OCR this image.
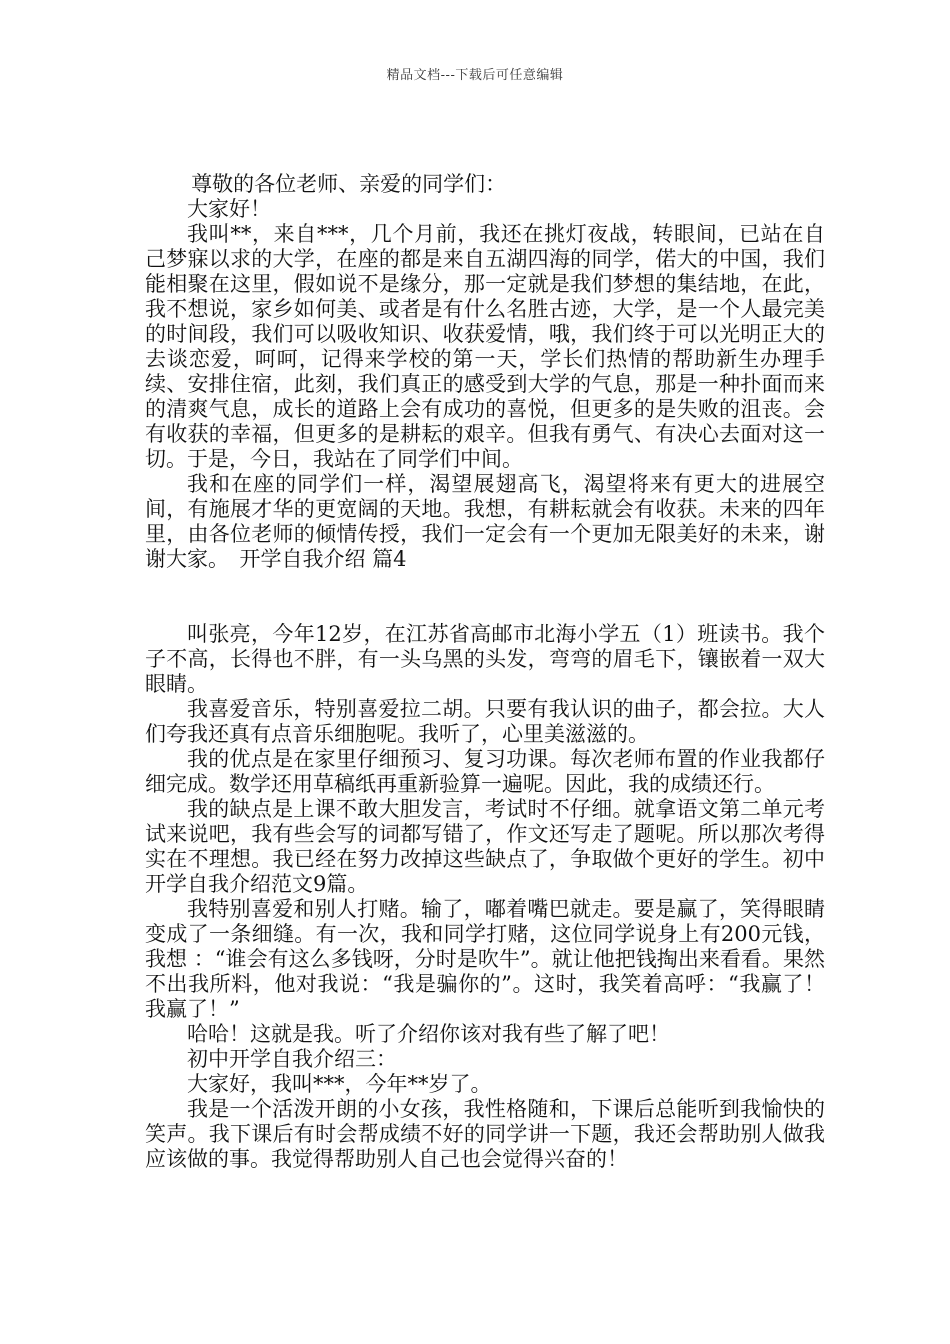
精品文档---下载后可任意编辑

尊敬的各位老师、亲爱的同学们：

大家好！

我叫**，来自***，几个月前，我还在挑灯夜战，转眼间，已站在自己梦寐以求的大学，在座的都是来自五湖四海的同学，偌大的中国，我们能相聚在这里，假如说不是缘分，那一定就是我们梦想的集结地，在此，我不想说，家乡如何美、或者是有什么名胜古迹，大学，是一个人最完美的时间段，我们可以吸收知识、收获爱情，哦，我们终于可以光明正大的去谈恋爱，呵呵，记得来学校的第一天，学长们热情的帮助新生办理手续、安排住宿，此刻，我们真正的感受到大学的气息，那是一种扑面而来的清爽气息，成长的道路上会有成功的喜悦，但更多的是失败的沮丧。会有收获的幸福，但更多的是耕耘的艰辛。但我有勇气、有决心去面对这一切。于是，今日，我站在了同学们中间。

我和在座的同学们一样，渴望展翅高飞，渴望将来有更大的进展空间，有施展才华的更宽阔的天地。我想，有耕耘就会有收获。未来的四年里，由各位老师的倾情传授，我们一定会有一个更加无限美好的未来，谢谢大家。 开学自我介绍 篇4

叫张亮，今年12岁，在江苏省高邮市北海小学五（1）班读书。我个子不高，长得也不胖，有一头乌黑的头发，弯弯的眉毛下，镶嵌着一双大眼睛。

我喜爱音乐，特别喜爱拉二胡。只要有我认识的曲子，都会拉。大人们夸我还真有点音乐细胞呢。我听了，心里美滋滋的。

我的优点是在家里仔细预习、复习功课。每次老师布置的作业我都仔细完成。数学还用草稿纸再重新验算一遍呢。因此，我的成绩还行。

我的缺点是上课不敢大胆发言，考试时不仔细。就拿语文第二单元考试来说吧，我有些会写的词都写错了，作文还写走了题呢。所以那次考得实在不理想。我已经在努力改掉这些缺点了，争取做个更好的学生。初中开学自我介绍范文9篇。

我特别喜爱和别人打赌。输了，嘟着嘴巴就走。要是赢了，笑得眼睛变成了一条细缝。有一次，我和同学打赌，这位同学说身上有200元钱，我想 ：“谁会有这么多钱呀，分时是吹牛”。就让他把钱掏出来看看。果然不出我所料，他对我说：“我是骗你的”。这时，我笑着高呼：“我赢了！我赢了！”

哈哈！这就是我。听了介绍你该对我有些了解了吧！

初中开学自我介绍三：

大家好，我叫***，今年**岁了。

我是一个活泼开朗的小女孩，我性格随和，下课后总能听到我愉快的笑声。我下课后有时会帮成绩不好的同学讲一下题，我还会帮助别人做我应该做的事。我觉得帮助别人自己也会觉得兴奋的！
